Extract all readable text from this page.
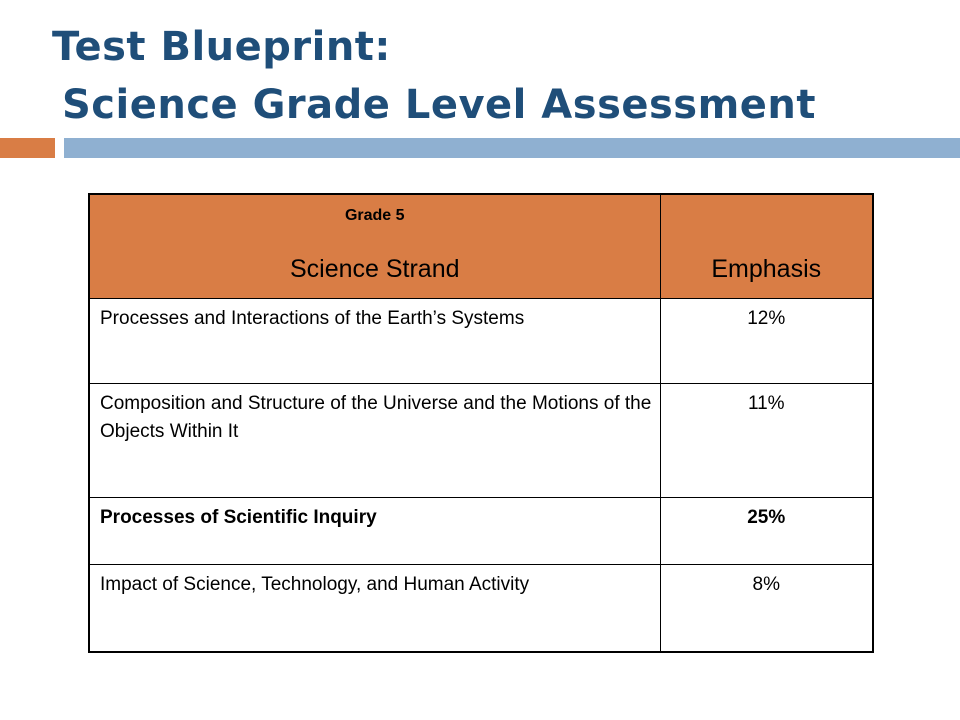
Test Blueprint:
Science Grade Level Assessment
Grade 5
Science Strand	Emphasis

Processes and Interactions of the Earth’s Systems	12%
Composition and Structure of the Universe and the Motions of the Objects Within It	11%
Processes of Scientific Inquiry	25%
Impact of Science, Technology, and Human Activity	8%
